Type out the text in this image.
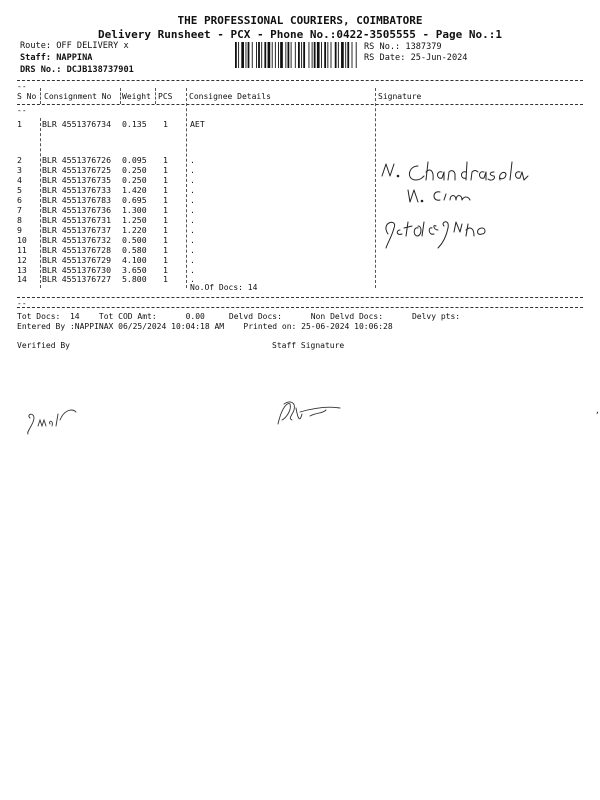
THE PROFESSIONAL COURIERS, COIMBATORE
Delivery Runsheet - PCX - Phone No.:0422-3505555 - Page No.:1
Route: OFF DELIVERY x
Staff: NAPPINA
DRS No.: DCJB138737901
RS No.: 1387379
RS Date: 25-Jun-2024
--
S No Consignment No Weight PCS Consignee Details	Signature
--
1 BLR 4551376734 0.135 1	AET
2 BLR 4551376726 0.095 1	.
3 BLR 4551376725 0.250 1	.
4 BLR 4551376735 0.250 1	.
5 BLR 4551376733 1.420 1	.
6 BLR 4551376783 0.695 1	.
7 BLR 4551376736 1.300 1	.
8 BLR 4551376731 1.250 1	.
9 BLR 4551376737 1.220 1	.
10 BLR 4551376732 0.500 1	.
11 BLR 4551376728 0.580 1	.
12 BLR 4551376729 4.100 1	.
13 BLR 4551376730 3.650 1	.
14 BLR 4551376727 5.800 1	.
No.Of Docs: 14
--

Tot Docs:  14    Tot COD Amt:      0.00     Delvd Docs:      Non Delvd Docs:      Delvy pts:
Entered By :NAPPINAX 06/25/2024 10:04:18 AM    Printed on: 25-06-2024 10:06:28
Verified By	Staff Signature

,
